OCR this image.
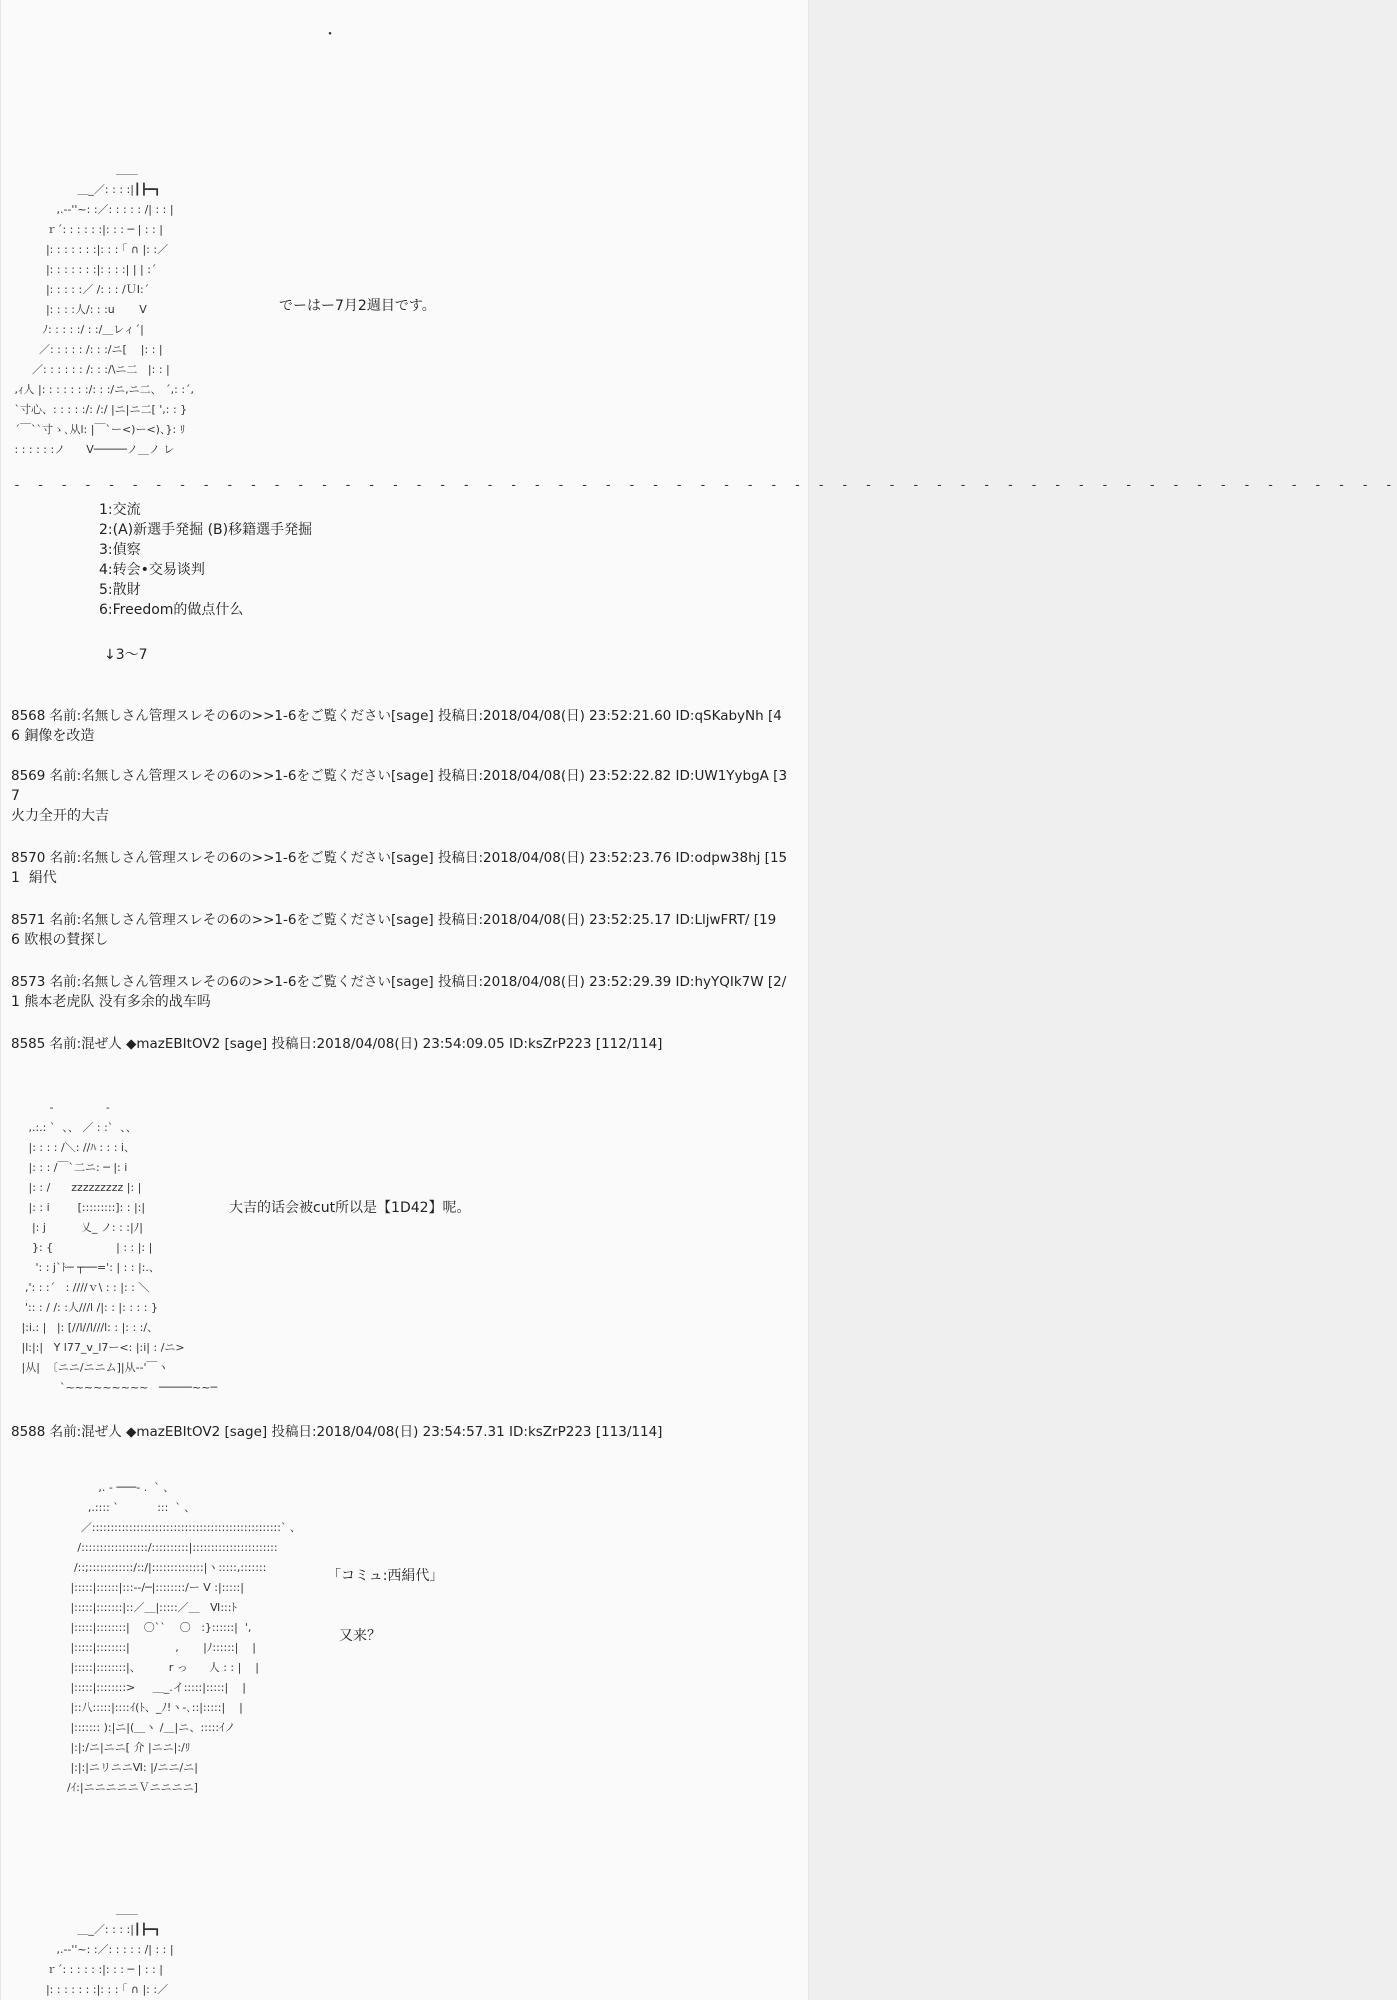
・
＿＿
＿_／: : : :|┃┣━┓
,.-‐''~: :／: : : : : /| : : |
ｒ´: : : : : :|: : : ─ | : : |
|: : : : : : :|: : : ｢ ∩ |: :／
|: : : : : : :|: : : :| | | :´
|: : : : :／ /: : : /ＵⅠ:´
|: : : :人/: : :u       V
ﾉ: : : : :/ : :/＿レィ´|
／: : : : : /: : :/ニ[    |: : |
／: : : : : : /: : :/\ニ二   |: : |
,ｨ人 |: : : : : : :/: : :/ニ,ニ二、 ´,: :´,
`寸心、: : : : :/: /:/ |ニ|ニ二[ ',: : }
´￣``寸ゝ､从l: |￣`ー<)ー<)、}: ﾘ
: : : : : :ノ      V─────ノ＿ノ レ
でーはー7月2週目です。
- - - - - - - - - - - - - - - - - - - - - - - - - - - - - - - - - - - - - - - - - - - - - - - - - - - - - - - - - - -
1:交流
2:(A)新選手発掘 (B)移籍選手発掘
3:偵察
4:转会•交易谈判
5:散財
6:Freedom的做点什么
↓3～7
8568 名前:名無しさん管理スレその6の>>1-6をご覧ください[sage] 投稿日:2018/04/08(日) 23:52:21.60 ID:qSKabyNh [4
6 銅像を改造
8569 名前:名無しさん管理スレその6の>>1-6をご覧ください[sage] 投稿日:2018/04/08(日) 23:52:22.82 ID:UW1YybgA [3
7
火力全开的大吉
8570 名前:名無しさん管理スレその6の>>1-6をご覧ください[sage] 投稿日:2018/04/08(日) 23:52:23.76 ID:odpw38hj [15
1  絹代
8571 名前:名無しさん管理スレその6の>>1-6をご覧ください[sage] 投稿日:2018/04/08(日) 23:52:25.17 ID:LljwFRT/ [19
6 欧根の賛探し
8573 名前:名無しさん管理スレその6の>>1-6をご覧ください[sage] 投稿日:2018/04/08(日) 23:52:29.39 ID:hyYQIk7W [2/
1 熊本老虎队 没有多余的战车吗
8585 名前:混ぜ人 ◆mazEBItOV2 [sage] 投稿日:2018/04/08(日) 23:54:09.05 ID:ksZrP223 [112/114]
-               -
,.:.: `  、、 ／ : :`  、、
|: : : : /＼: //ﾊ : : : i、
|: : : /￣`二ニ: ─ |: i
|: : /      zzzzzzzzz |: |
|: : i        [:::::::::]: : |:|
|: j          乂_ ノ: : :|ﾉ|
}: {                  | : : |: |
': : j`ﾄ─ ┬──=': | : : |:.、
,': : :´   : ////ｖ\ : : |: : ＼
':: : / /: :人///l /|: : |: : : : }
|:i.: |   |: [//l//l///l: : |: : :/、
|l:|:|   Y l77_v_l7ー<: |:i| : /ニ>
|从|  〔ニニ/ニニム]|从-‐'￣ヽ
`~~~~~~~~~   ─────~~─
大吉的话会被cut所以是【1D42】呢。
8588 名前:混ぜ人 ◆mazEBItOV2 [sage] 投稿日:2018/04/08(日) 23:54:57.31 ID:ksZrP223 [113/114]
,. - ───- .  ` 、
,.:::: `           :::  ` 、
／:::::::::::::::::::::::::::::::::::::::::::::::::::` 、
/::::::::::::::::::/::::::::::|:::::::::::::::::::::::
/::;::::::::::::/::/|::::::::::::::|ヽ:::::,:::::::
|:::::|::::::|:::--/─|::::::::/ー V :|:::::|
|:::::|:::::::|::／＿|:::::／＿   Ⅵ:::ﾄ
|:::::|::::::::|    〇``    〇   :}::::::|  ',
|:::::|::::::::|             ,       |ﾉ::::::|    |
|:::::|::::::::|、        r っ      人 : : |    |
|:::::|::::::::>     ＿_.イ:::::|:::::|    |
|::八:::::|::::ｲ(ﾄ、_ﾉ!ヽ-､::|:::::|    |
|::::::: ):|ニ|(＿ヽ /＿|ニ、:::::ｲノ
|:|:/ニ|ニニ[ 介 |ニニ|:/ﾘ
|:|:|ニリニニⅥ: |/ニニ/ニ|
/ｲ:|ニニニニニＶニニニニ]
「コミュ:西絹代」
又来？
＿＿
＿_／: : : :|┃┣━┓
,.-‐''~: :／: : : : : /| : : |
ｒ´: : : : : :|: : : ─ | : : |
|: : : : : : :|: : : ｢ ∩ |: :／
